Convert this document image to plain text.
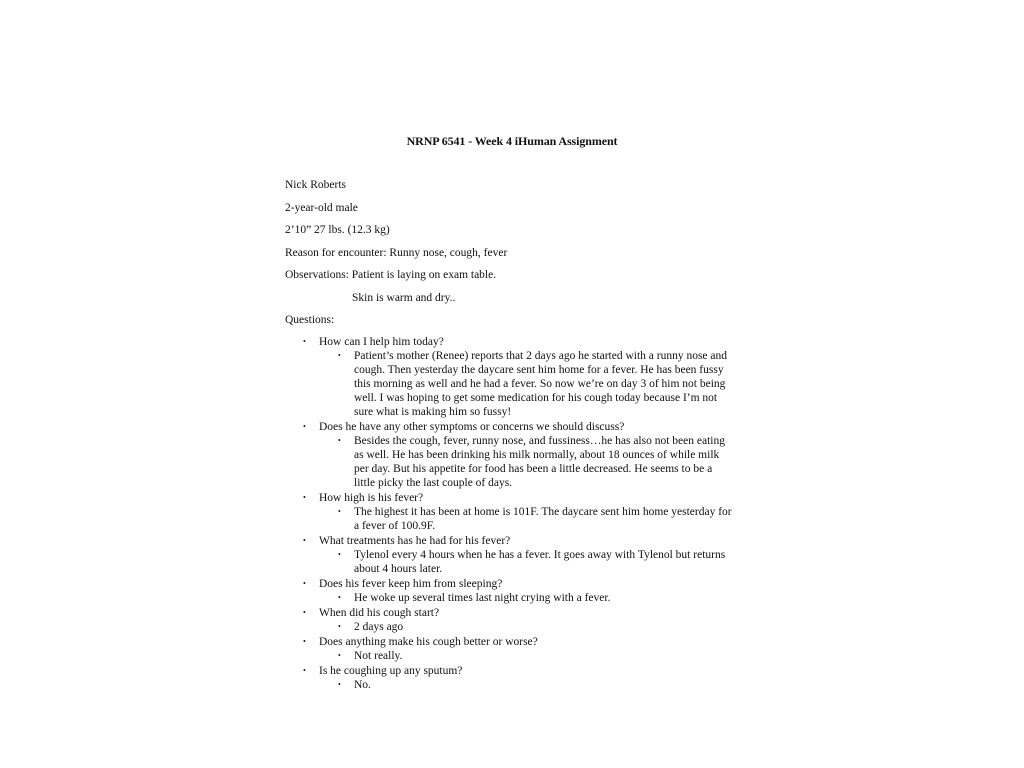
NRNP 6541 - Week 4 iHuman Assignment

Nick Roberts

2-year-old male

2’10” 27 lbs. (12.3 kg)

Reason for encounter: Runny nose, cough, fever

Observations: Patient is laying on exam table.

Skin is warm and dry..

Questions:

• How can I help him today?
• Patient’s mother (Renee) reports that 2 days ago he started with a runny nose and cough. Then yesterday the daycare sent him home for a fever. He has been fussy this morning as well and he had a fever. So now we’re on day 3 of him not being well. I was hoping to get some medication for his cough today because I’m not sure what is making him so fussy!
• Does he have any other symptoms or concerns we should discuss?
• Besides the cough, fever, runny nose, and fussiness…he has also not been eating as well. He has been drinking his milk normally, about 18 ounces of while milk per day. But his appetite for food has been a little decreased. He seems to be a little picky the last couple of days.
• How high is his fever?
• The highest it has been at home is 101F. The daycare sent him home yesterday for a fever of 100.9F.
• What treatments has he had for his fever?
• Tylenol every 4 hours when he has a fever. It goes away with Tylenol but returns about 4 hours later.
• Does his fever keep him from sleeping?
• He woke up several times last night crying with a fever.
• When did his cough start?
• 2 days ago
• Does anything make his cough better or worse?
• Not really.
• Is he coughing up any sputum?
• No.
